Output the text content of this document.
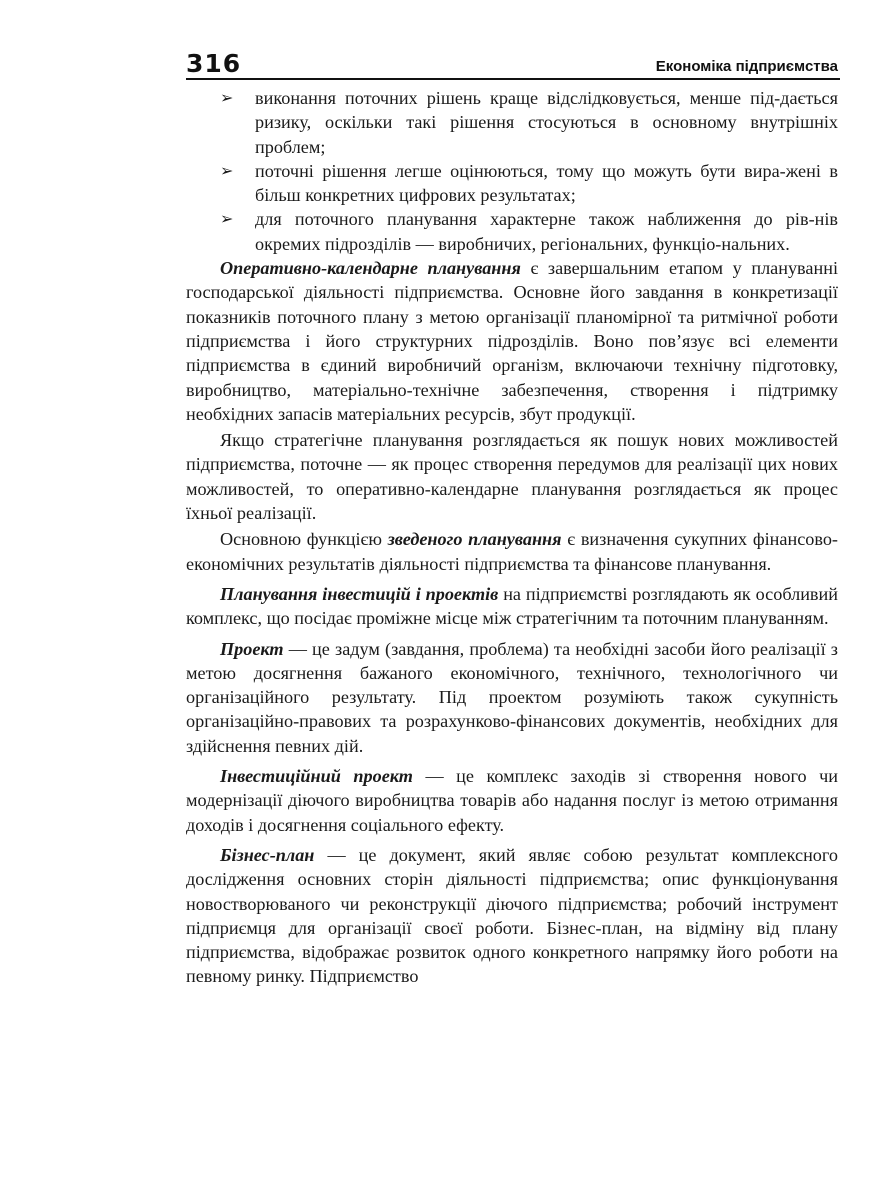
316	Економіка підприємства
➢ виконання поточних рішень краще відслідковується, менше під-дається ризику, оскільки такі рішення стосуються в основному внутрішніх проблем;
➢ поточні рішення легше оцінюються, тому що можуть бути вира-жені в більш конкретних цифрових результатах;
➢ для поточного планування характерне також наближення до рів-нів окремих підрозділів — виробничих, регіональних, функціо-нальних.

Оперативно-календарне планування є завершальним етапом у плануванні господарської діяльності підприємства. Основне його завдання в конкретизації показників поточного плану з метою організації планомірної та ритмічної роботи підприємства і його структурних підрозділів. Воно пов’язує всі елементи підприємства в єдиний виробничий організм, включаючи технічну підготовку, виробництво, матеріально-технічне забезпечення, створення і підтримку необхідних запасів матеріальних ресурсів, збут продукції.

Якщо стратегічне планування розглядається як пошук нових можливостей підприємства, поточне — як процес створення передумов для реалізації цих нових можливостей, то оперативно-календарне планування розглядається як процес їхньої реалізації.

Основною функцією зведеного планування є визначення сукупних фінансово-економічних результатів діяльності підприємства та фінансове планування.

Планування інвестицій і проектів на підприємстві розглядають як особливий комплекс, що посідає проміжне місце між стратегічним та поточним плануванням.

Проект — це задум (завдання, проблема) та необхідні засоби його реалізації з метою досягнення бажаного економічного, технічного, технологічного чи організаційного результату. Під проектом розуміють також сукупність організаційно-правових та розрахунково-фінансових документів, необхідних для здійснення певних дій.

Інвестиційний проект — це комплекс заходів зі створення нового чи модернізації діючого виробництва товарів або надання послуг із метою отримання доходів і досягнення соціального ефекту.

Бізнес-план — це документ, який являє собою результат комплексного дослідження основних сторін діяльності підприємства; опис функціонування новостворюваного чи реконструкції діючого підприємства; робочий інструмент підприємця для організації своєї роботи. Бізнес-план, на відміну від плану підприємства, відображає розвиток одного конкретного напрямку його роботи на певному ринку. Підприємство
